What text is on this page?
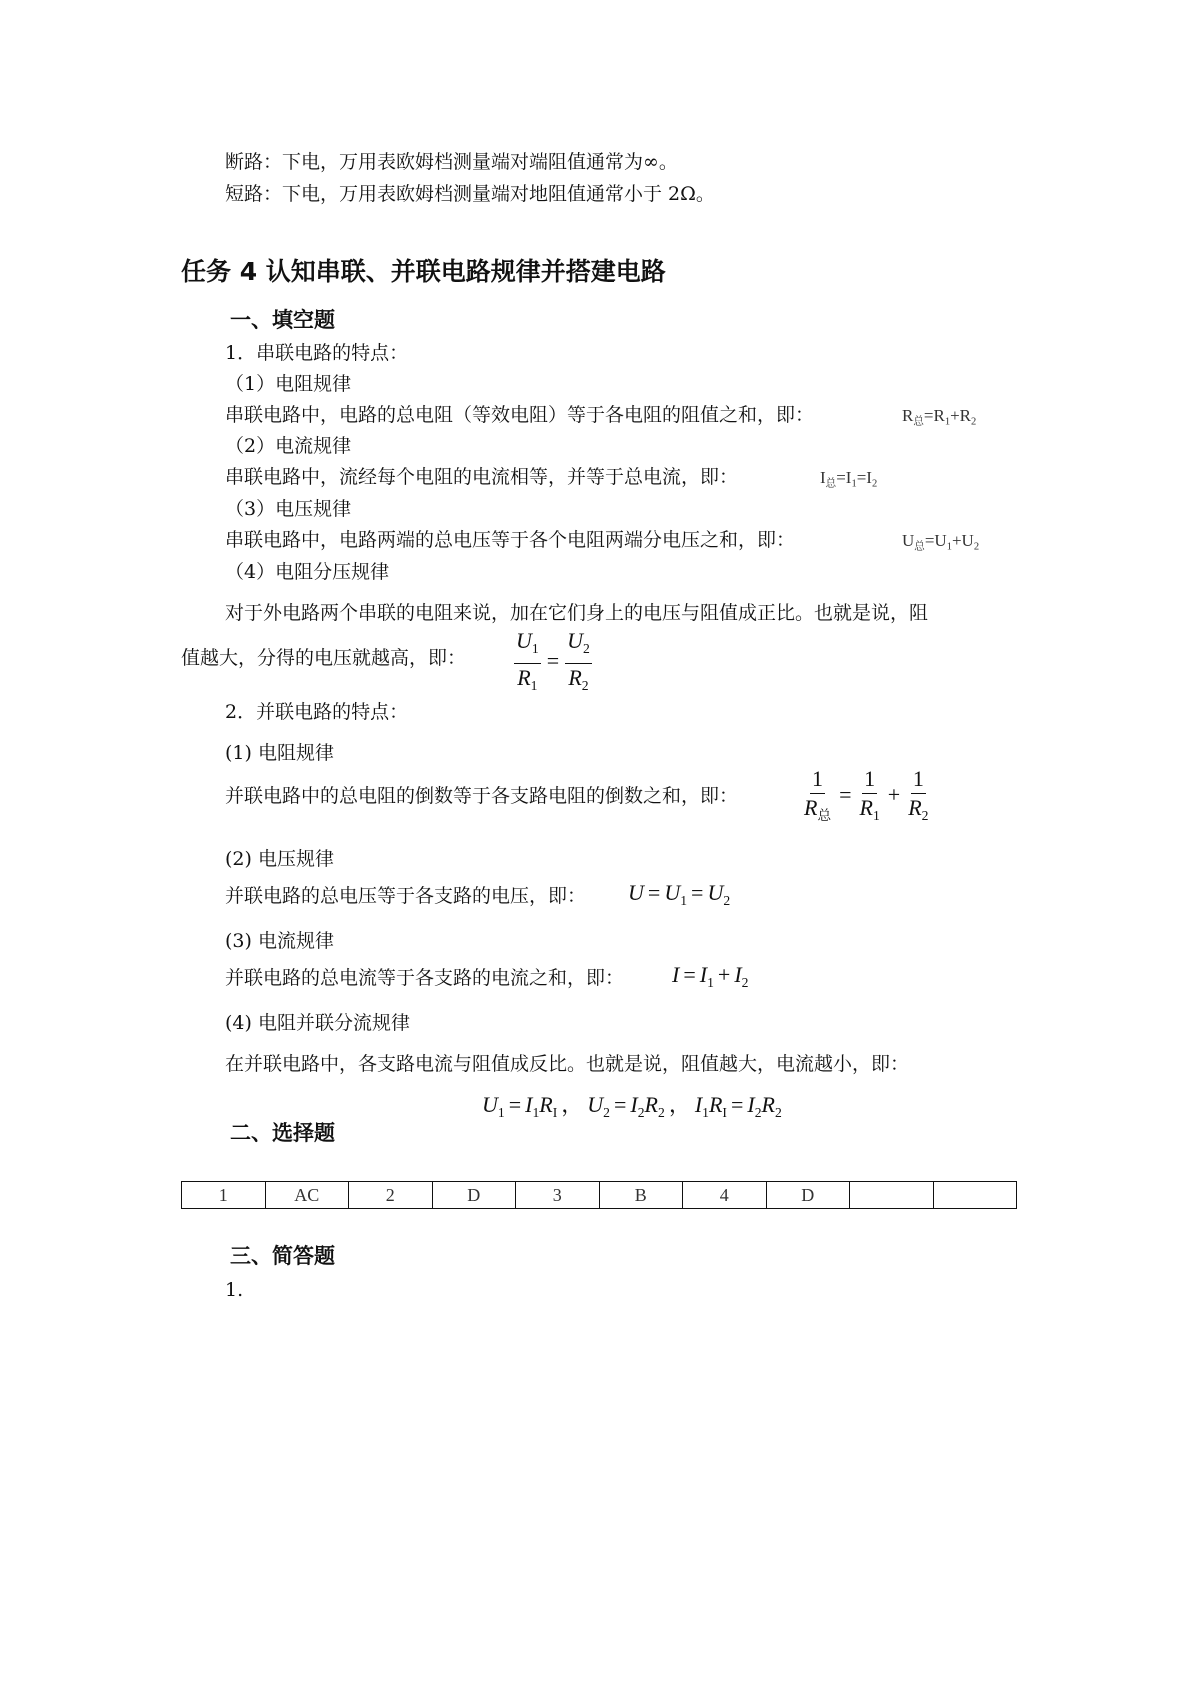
断路：下电，万用表欧姆档测量端对端阻值通常为∞。
短路：下电，万用表欧姆档测量端对地阻值通常小于 2Ω。
任务 4 认知串联、并联电路规律并搭建电路
一、填空题
1．串联电路的特点：
（1）电阻规律
串联电路中，电路的总电阻（等效电阻）等于各电阻的阻值之和，即：	$R_总=R_1+R_2$
（2）电流规律
串联电路中，流经每个电阻的电流相等，并等于总电流，即：	$I_总=I_1=I_2$
（3）电压规律
串联电路中，电路两端的总电压等于各个电阻两端分电压之和，即：	$U_总=U_1+U_2$
（4）电阻分压规律
对于外电路两个串联的电阻来说，加在它们身上的电压与阻值成正比。也就是说，阻
值越大，分得的电压就越高，即： $\frac{U_1}{R_1} = \frac{U_2}{R_2}$
2．并联电路的特点：
(1) 电阻规律
并联电路中的总电阻的倒数等于各支路电阻的倒数之和，即：	$\frac{1}{R_总} = \frac{1}{R_1} + \frac{1}{R_2}$
(2) 电压规律
并联电路的总电压等于各支路的电压，即： $U = U_1 = U_2$
(3) 电流规律
并联电路的总电流等于各支路的电流之和，即： $I = I_1 + I_2$
(4) 电阻并联分流规律
在并联电路中，各支路电流与阻值成反比。也就是说，阻值越大，电流越小，即：
$U_1 = I_1R_I$ ， $U_2 = I_2R_2$ ， $I_1R_I = I_2R_2$
二、选择题
1	AC	2	D	3	B	4	D		
三、简答题
1.
